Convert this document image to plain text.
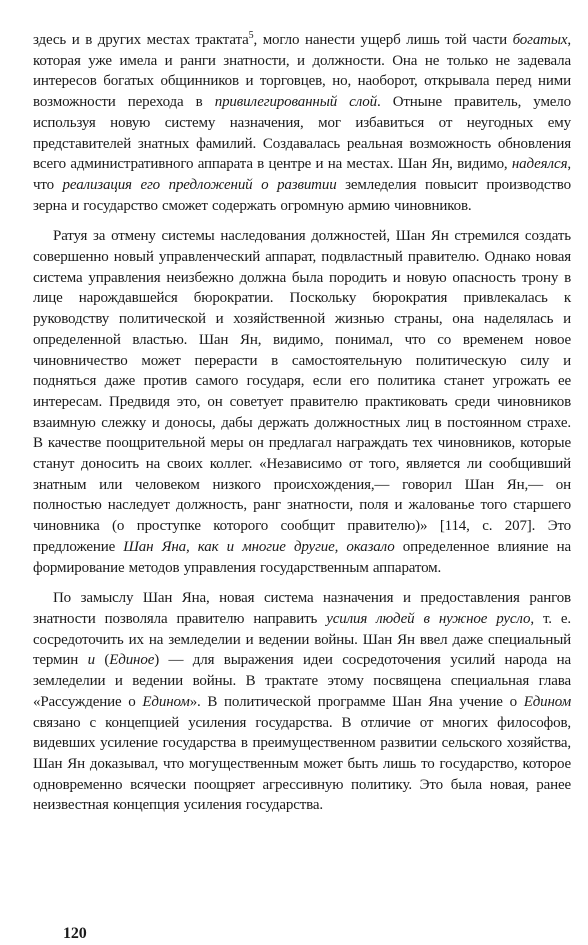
здесь и в других местах трактата$^5$, могло нанести ущерб лишь той части богатых, которая уже имела и ранги знатности, и должности. Она не только не задевала интересов богатых общинников и торговцев, но, наоборот, открывала перед ними возможности перехода в привилегированный слой. Отныне правитель, умело используя новую систему назначения, мог избавиться от неугодных ему представителей знатных фамилий. Создавалась реальная возможность обновления всего административного аппарата в центре и на местах. Шан Ян, видимо, надеялся, что реализация его предложений о развитии земледелия повысит производство зерна и государство сможет содержать огромную армию чиновников.

Ратуя за отмену системы наследования должностей, Шан Ян стремился создать совершенно новый управленческий аппарат, подвластный правителю. Однако новая система управления неизбежно должна была породить и новую опасность трону в лице нарождавшейся бюрократии. Поскольку бюрократия привлекалась к руководству политической и хозяйственной жизнью страны, она наделялась и определенной властью. Шан Ян, видимо, понимал, что со временем новое чиновничество может перерасти в самостоятельную политическую силу и подняться даже против самого государя, если его политика станет угрожать ее интересам. Предвидя это, он советует правителю практиковать среди чиновников взаимную слежку и доносы, дабы держать должностных лиц в постоянном страхе. В качестве поощрительной меры он предлагал награждать тех чиновников, которые станут доносить на своих коллег. «Независимо от того, является ли сообщивший знатным или человеком низкого происхождения,— говорил Шан Ян,— он полностью наследует должность, ранг знатности, поля и жалованье того старшего чиновника (о проступке которого сообщит правителю)» [114, с. 207]. Это предложение Шан Яна, как и многие другие, оказало определенное влияние на формирование методов управления государственным аппаратом.

По замыслу Шан Яна, новая система назначения и предоставления рангов знатности позволяла правителю направить усилия людей в нужное русло, т. е. сосредоточить их на земледелии и ведении войны. Шан Ян ввел даже специальный термин и (Единое) — для выражения идеи сосредоточения усилий народа на земледелии и ведении войны. В трактате этому посвящена специальная глава «Рассуждение о Едином». В политической программе Шан Яна учение о Едином связано с концепцией усиления государства. В отличие от многих философов, видевших усиление государства в преимущественном развитии сельского хозяйства, Шан Ян доказывал, что могущественным может быть лишь то государство, которое одновременно всячески поощряет агрессивную политику. Это была новая, ранее неизвестная концепция усиления государства.

120
